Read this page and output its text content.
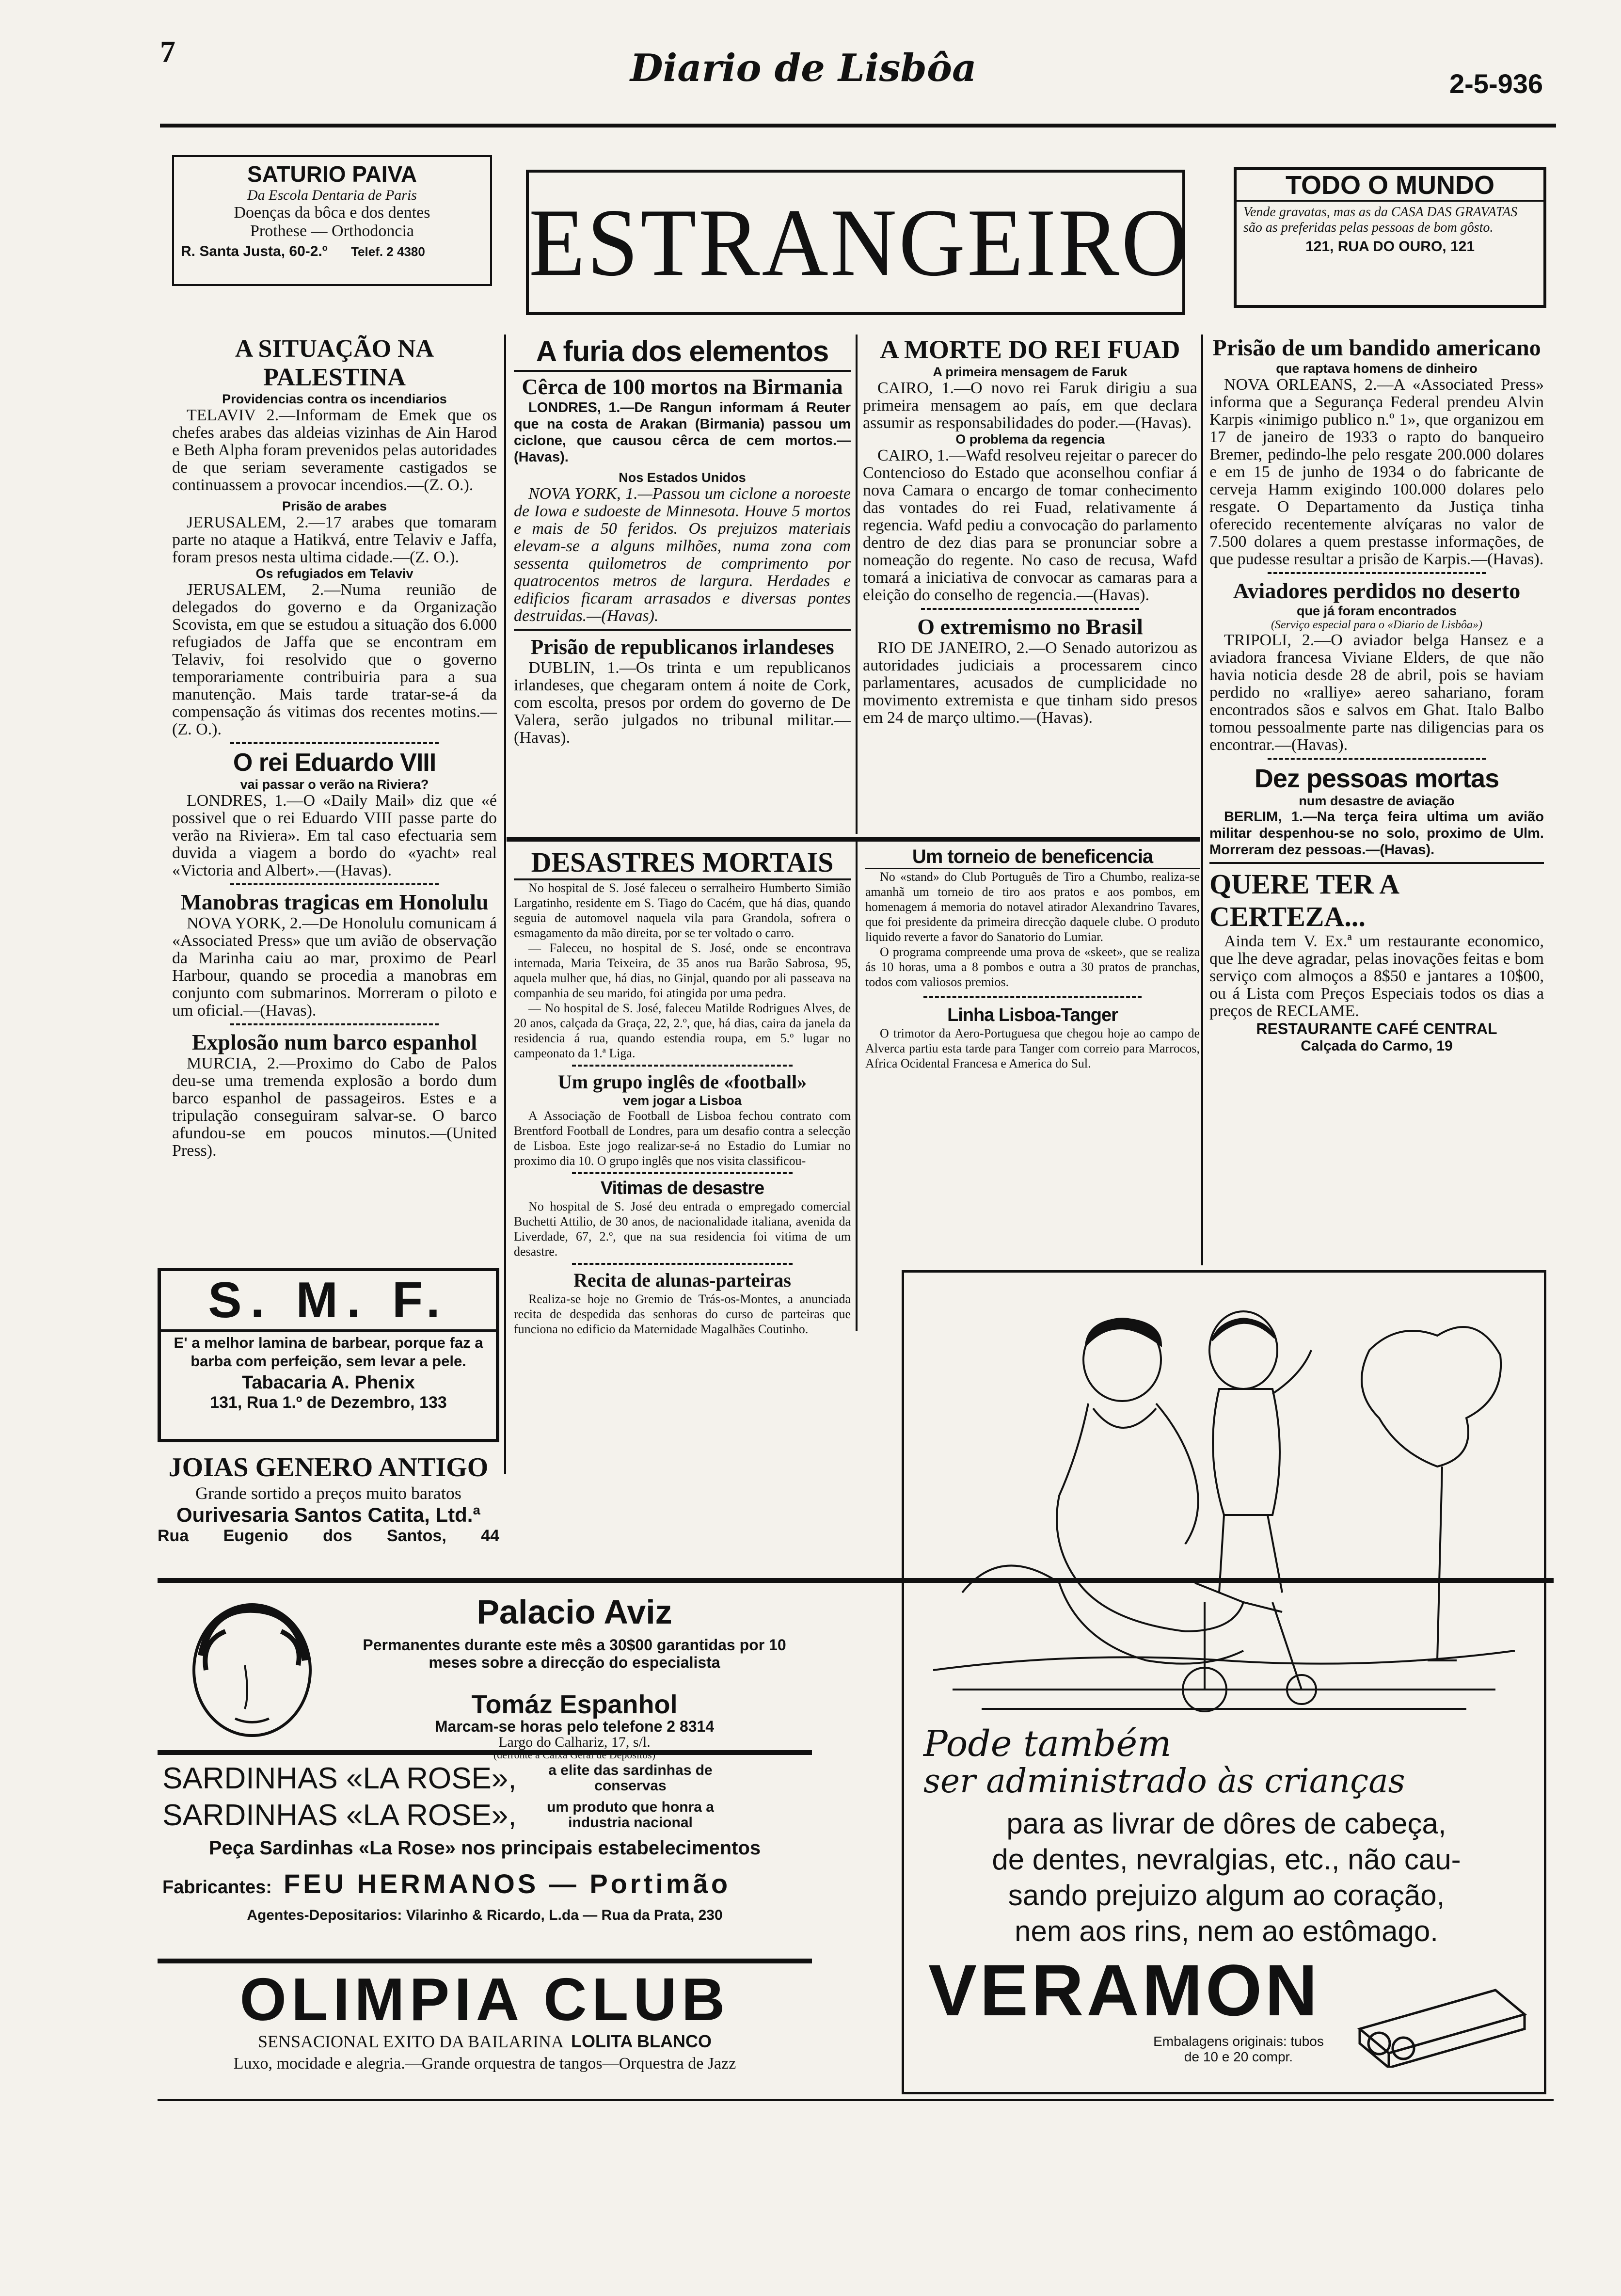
7	Diario de Lisbôa	2-5-936
SATURIO PAIVA
Da Escola Dentaria de Paris
Doenças da bôca e dos dentes
Prothese — Orthodoncia
R. Santa Justa, 60-2.º Telef. 2 4380	ESTRANGEIRO
TODO O MUNDO
Vende gravatas, mas as da CASA DAS GRAVATAS são as preferidas pelas pessoas de bom gôsto.
121, RUA DO OURO, 121
A SITUAÇÃO NA PALESTINA
Providencias contra os incendiarios

TELAVIV 2.—Informam de Emek que os chefes arabes das aldeias vizinhas de Ain Harod e Beth Alpha foram prevenidos pelas autoridades de que seriam severamente castigados se continuassem a provocar incendios.—(Z. O.).

Prisão de arabes

JERUSALEM, 2.—17 arabes que tomaram parte no ataque a Hatikvá, entre Telaviv e Jaffa, foram presos nesta ultima cidade.—(Z. O.).

Os refugiados em Telaviv

JERUSALEM, 2.—Numa reunião de delegados do governo e da Organização Scovista, em que se estudou a situação dos 6.000 refugiados de Jaffa que se encontram em Telaviv, foi resolvido que o governo temporariamente contribuiria para a sua manutenção. Mais tarde tratar-se-á da compensação ás vitimas dos recentes motins.—(Z. O.).

O rei Eduardo VIII
vai passar o verão na Riviera?

LONDRES, 1.—O «Daily Mail» diz que «é possivel que o rei Eduardo VIII passe parte do verão na Riviera». Em tal caso efectuaria sem duvida a viagem a bordo do «yacht» real «Victoria and Albert».—(Havas).

Manobras tragicas em Honolulu

NOVA YORK, 2.—De Honolulu comunicam á «Associated Press» que um avião de observação da Marinha caiu ao mar, proximo de Pearl Harbour, quando se procedia a manobras em conjunto com submarinos. Morreram o piloto e um oficial.—(Havas).

Explosão num barco espanhol

MURCIA, 2.—Proximo do Cabo de Palos deu-se uma tremenda explosão a bordo dum barco espanhol de passageiros. Estes e a tripulação conseguiram salvar-se. O barco afundou-se em poucos minutos.—(United Press).

A furia dos elementos
Cêrca de 100 mortos na Birmania

LONDRES, 1.—De Rangun informam á Reuter que na costa de Arakan (Birmania) passou um ciclone, que causou cêrca de cem mortos.—(Havas).

Nos Estados Unidos

NOVA YORK, 1.—Passou um ciclone a noroeste de Iowa e sudoeste de Minnesota. Houve 5 mortos e mais de 50 feridos. Os prejuizos materiais elevam-se a alguns milhões, numa zona com sessenta quilometros de comprimento por quatrocentos metros de largura. Herdades e edificios ficaram arrasados e diversas pontes destruidas.—(Havas).

Prisão de republicanos irlandeses

DUBLIN, 1.—Os trinta e um republicanos irlandeses, que chegaram ontem á noite de Cork, com escolta, presos por ordem do governo de De Valera, serão julgados no tribunal militar.—(Havas).

A MORTE DO REI FUAD
A primeira mensagem de Faruk

CAIRO, 1.—O novo rei Faruk dirigiu a sua primeira mensagem ao país, em que declara assumir as responsabilidades do poder.—(Havas).

O problema da regencia

CAIRO, 1.—Wafd resolveu rejeitar o parecer do Contencioso do Estado que aconselhou confiar á nova Camara o encargo de tomar conhecimento das vontades do rei Fuad, relativamente á regencia. Wafd pediu a convocação do parlamento dentro de dez dias para se pronunciar sobre a nomeação do regente. No caso de recusa, Wafd tomará a iniciativa de convocar as camaras para a eleição do conselho de regencia.—(Havas).

O extremismo no Brasil

RIO DE JANEIRO, 2.—O Senado autorizou as autoridades judiciais a processarem cinco parlamentares, acusados de cumplicidade no movimento extremista e que tinham sido presos em 24 de março ultimo.—(Havas).

Prisão de um bandido americano
que raptava homens de dinheiro

NOVA ORLEANS, 2.—A «Associated Press» informa que a Segurança Federal prendeu Alvin Karpis «inimigo publico n.º 1», que organizou em 17 de janeiro de 1933 o rapto do banqueiro Bremer, pedindo-lhe pelo resgate 200.000 dolares e em 15 de junho de 1934 o do fabricante de cerveja Hamm exigindo 100.000 dolares pelo resgate. O Departamento da Justiça tinha oferecido recentemente alvíçaras no valor de 7.500 dolares a quem prestasse informações, de que pudesse resultar a prisão de Karpis.—(Havas).

Aviadores perdidos no deserto
que já foram encontrados
(Serviço especial para o «Diario de Lisbôa»)

TRIPOLI, 2.—O aviador belga Hansez e a aviadora francesa Viviane Elders, de que não havia noticia desde 28 de abril, pois se haviam perdido no «ralliye» aereo sahariano, foram encontrados sãos e salvos em Ghat. Italo Balbo tomou pessoalmente parte nas diligencias para os encontrar.—(Havas).

Dez pessoas mortas
num desastre de aviação

BERLIM, 1.—Na terça feira ultima um avião militar despenhou-se no solo, proximo de Ulm. Morreram dez pessoas.—(Havas).

QUERE TER A CERTEZA...

Ainda tem V. Ex.ª um restaurante economico, que lhe deve agradar, pelas inovações feitas e bom serviço com almoços a 8$50 e jantares a 10$00, ou á Lista com Preços Especiais todos os dias a preços de RECLAME.

RESTAURANTE CAFÉ CENTRAL
Calçada do Carmo, 19
DESASTRES MORTAIS

No hospital de S. José faleceu o serralheiro Humberto Simião Largatinho, residente em S. Tiago do Cacém, que há dias, quando seguia de automovel naquela vila para Grandola, sofrera o esmagamento da mão direita, por se ter voltado o carro.

— Faleceu, no hospital de S. José, onde se encontrava internada, Maria Teixeira, de 35 anos rua Barão Sabrosa, 95, aquela mulher que, há dias, no Ginjal, quando por ali passeava na companhia de seu marido, foi atingida por uma pedra.

— No hospital de S. José, faleceu Matilde Rodrigues Alves, de 20 anos, calçada da Graça, 22, 2.º, que, há dias, caira da janela da residencia á rua, quando estendia roupa, em 5.º lugar no campeonato da 1.ª Liga.

Um grupo inglês de «football»
vem jogar a Lisboa

A Associação de Football de Lisboa fechou contrato com Brentford Football de Londres, para um desafio contra a selecção de Lisboa. Este jogo realizar-se-á no Estadio do Lumiar no proximo dia 10. O grupo inglês que nos visita classificou-

Vitimas de desastre

No hospital de S. José deu entrada o empregado comercial Buchetti Attilio, de 30 anos, de nacionalidade italiana, avenida da Liverdade, 67, 2.º, que na sua residencia foi vitima de um desastre.

Recita de alunas-parteiras

Realiza-se hoje no Gremio de Trás-os-Montes, a anunciada recita de despedida das senhoras do curso de parteiras que funciona no edificio da Maternidade Magalhães Coutinho.

Um torneio de beneficencia

No «stand» do Club Português de Tiro a Chumbo, realiza-se amanhã um torneio de tiro aos pratos e aos pombos, em homenagem á memoria do notavel atirador Alexandrino Tavares, que foi presidente da primeira direcção daquele clube. O produto liquido reverte a favor do Sanatorio do Lumiar.

O programa compreende uma prova de «skeet», que se realiza ás 10 horas, uma a 8 pombos e outra a 30 pratos de pranchas, todos com valiosos premios.

Linha Lisboa-Tanger

O trimotor da Aero-Portuguesa que chegou hoje ao campo de Alverca partiu esta tarde para Tanger com correio para Marrocos, Africa Ocidental Francesa e America do Sul.

S. M. F.
E' a melhor lamina de barbear, porque faz a barba com perfeição, sem levar a pele.
Tabacaria A. Phenix
131, Rua 1.º de Dezembro, 133
JOIAS GENERO ANTIGO
Grande sortido a preços muito baratos
Ourivesaria Santos Catita, Ltd.ª
Rua Eugenio dos Santos, 44
Palacio Aviz
Permanentes durante este mês a 30$00 garantidas por 10 meses sobre a direcção do especialista
Tomáz Espanhol
Marcam-se horas pelo telefone 2 8314
Largo do Calhariz, 17, s/l.
(defronte a Caixa Geral de Depositos)
SARDINHAS «LA ROSE»,	a elite das sardinhas de conservas
SARDINHAS «LA ROSE»,	um produto que honra a industria nacional
Peça Sardinhas «La Rose» nos principais estabelecimentos
Fabricantes: FEU HERMANOS — Portimão
Agentes-Depositarios: Vilarinho & Ricardo, L.da — Rua da Prata, 230
OLIMPIA CLUB
SENSACIONAL EXITO DA BAILARINA LOLITA BLANCO
Luxo, mocidade e alegria.—Grande orquestra de tangos—Orquestra de Jazz
Pode também
ser administrado às crianças
para as livrar de dôres de cabeça,
de dentes, nevralgias, etc., não cau-
sando prejuizo algum ao coração,
nem aos rins, nem ao estômago.
VERAMON
Embalagens originais: tubos de 10 e 20 compr.
